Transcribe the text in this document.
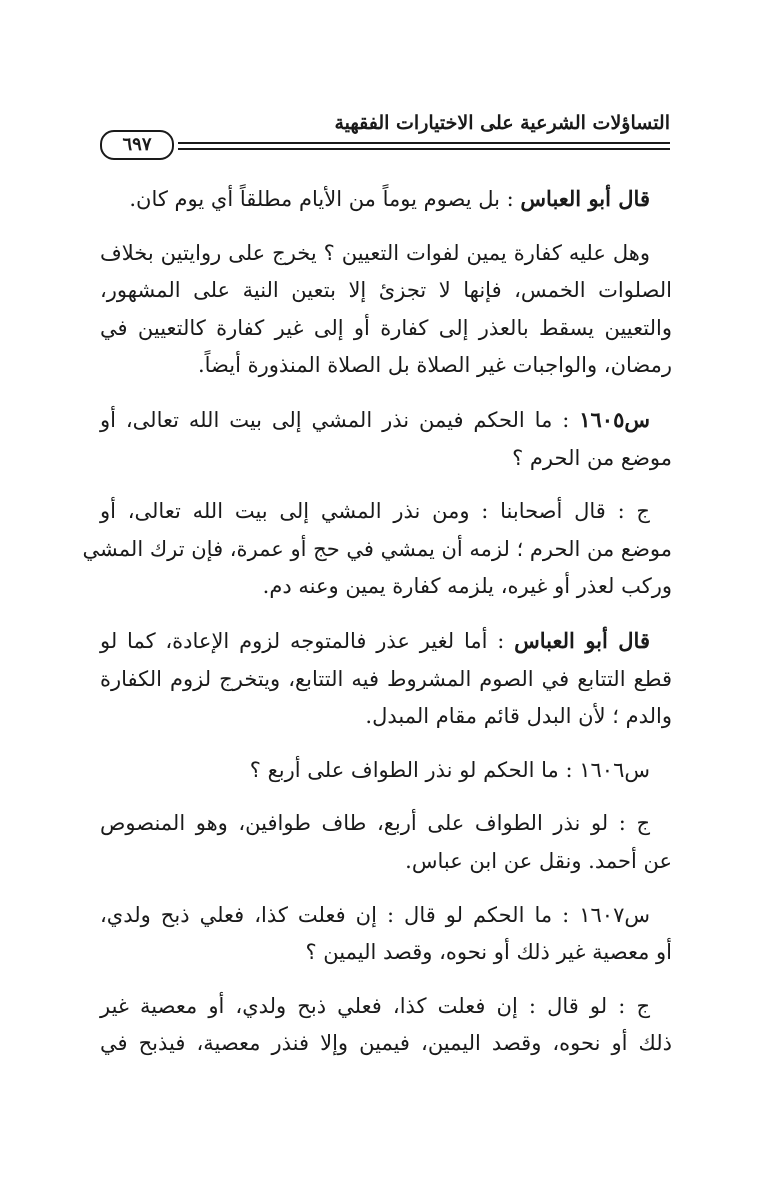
التساؤلات الشرعية على الاختيارات الفقهية
٦٩٧
قال أبو العباس : بل يصوم يوماً من الأيام مطلقاً أي يوم كان.
وهل عليه كفارة يمين لفوات التعيين ؟ يخرج على روايتين بخلاف
الصلوات الخمس، فإنها لا تجزئ إلا بتعين النية على المشهور،
والتعيين يسقط بالعذر إلى كفارة أو إلى غير كفارة كالتعيين في
رمضان، والواجبات غير الصلاة بل الصلاة المنذورة أيضاً.
س١٦٠٥ : ما الحكم فيمن نذر المشي إلى بيت الله تعالى، أو
موضع من الحرم ؟
ج : قال أصحابنا : ومن نذر المشي إلى بيت الله تعالى، أو
موضع من الحرم ؛ لزمه أن يمشي في حج أو عمرة، فإن ترك المشي
وركب لعذر أو غيره، يلزمه كفارة يمين وعنه دم.
قال أبو العباس : أما لغير عذر فالمتوجه لزوم الإعادة، كما لو
قطع التتابع في الصوم المشروط فيه التتابع، ويتخرج لزوم الكفارة
والدم ؛ لأن البدل قائم مقام المبدل.
س١٦٠٦ : ما الحكم لو نذر الطواف على أربع ؟
ج : لو نذر الطواف على أربع، طاف طوافين، وهو المنصوص
عن أحمد. ونقل عن ابن عباس.
س١٦٠٧ : ما الحكم لو قال : إن فعلت كذا، فعلي ذبح ولدي،
أو معصية غير ذلك أو نحوه، وقصد اليمين ؟
ج : لو قال : إن فعلت كذا، فعلي ذبح ولدي، أو معصية غير
ذلك أو نحوه، وقصد اليمين، فيمين وإلا فنذر معصية، فيذبح في
